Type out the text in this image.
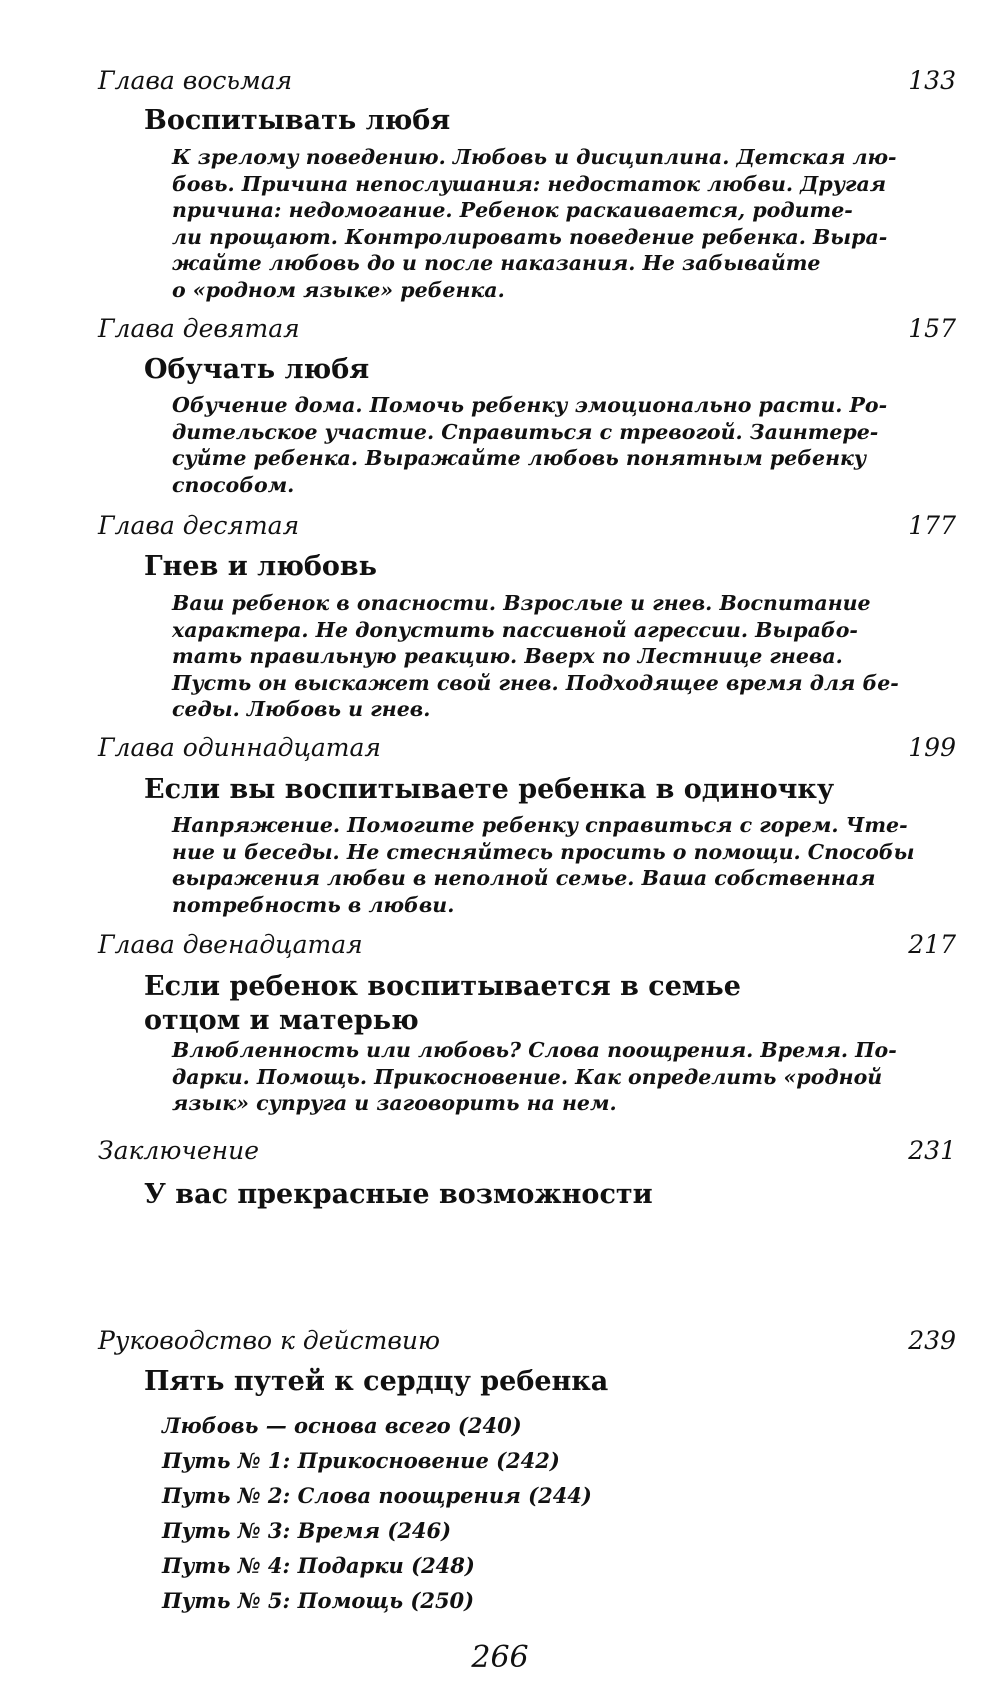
Глава восьмая	133
Воспитывать любя
К зрелому поведению. Любовь и дисциплина. Детская лю-
бовь. Причина непослушания: недостаток любви. Другая
причина: недомогание. Ребенок раскаивается, родите-
ли прощают. Контролировать поведение ребенка. Выра-
жайте любовь до и после наказания. Не забывайте
о «родном языке» ребенка.
Глава девятая	157
Обучать любя
Обучение дома. Помочь ребенку эмоционально расти. Ро-
дительское участие. Справиться с тревогой. Заинтере-
суйте ребенка. Выражайте любовь понятным ребенку
способом.
Глава десятая	177
Гнев и любовь
Ваш ребенок в опасности. Взрослые и гнев. Воспитание
характера. Не допустить пассивной агрессии. Вырабо-
тать правильную реакцию. Вверх по Лестнице гнева.
Пусть он выскажет свой гнев. Подходящее время для бе-
седы. Любовь и гнев.
Глава одиннадцатая	199
Если вы воспитываете ребенка в одиночку
Напряжение. Помогите ребенку справиться с горем. Чте-
ние и беседы. Не стесняйтесь просить о помощи. Способы
выражения любви в неполной семье. Ваша собственная
потребность в любви.
Глава двенадцатая	217
Если ребенок воспитывается в семье
отцом и матерью
Влюбленность или любовь? Слова поощрения. Время. По-
дарки. Помощь. Прикосновение. Как определить «родной
язык» супруга и заговорить на нем.
Заключение	231
У вас прекрасные возможности
Руководство к действию	239
Пять путей к сердцу ребенка
Любовь — основа всего (240)
Путь № 1: Прикосновение (242)
Путь № 2: Слова поощрения (244)
Путь № 3: Время (246)
Путь № 4: Подарки (248)
Путь № 5: Помощь (250)
266
